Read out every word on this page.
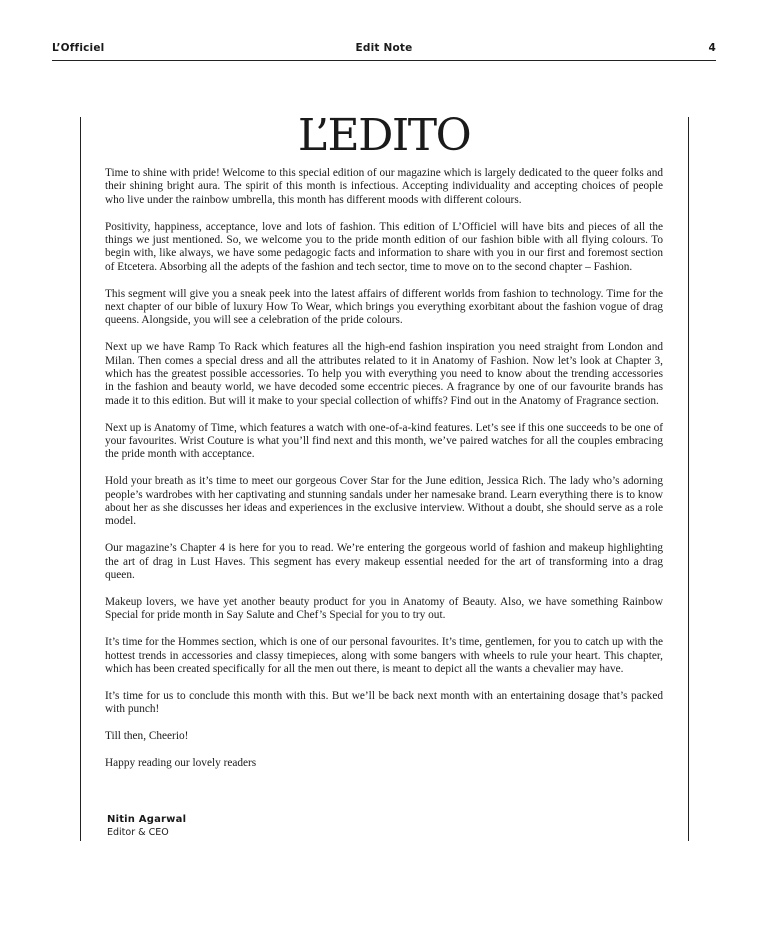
L’Officiel	Edit Note	4
L’EDITO

Time to shine with pride! Welcome to this special edition of our magazine which is largely dedicated to the queer folks and their shining bright aura. The spirit of this month is infectious. Accepting individuality and accepting choices of people who live under the rainbow umbrella, this month has different moods with different colours.

Positivity, happiness, acceptance, love and lots of fashion. This edition of L’Officiel will have bits and pieces of all the things we just mentioned. So, we welcome you to the pride month edition of our fashion bible with all flying colours. To begin with, like always, we have some pedagogic facts and information to share with you in our first and foremost section of Etcetera. Absorbing all the adepts of the fashion and tech sector, time to move on to the second chapter – Fashion.

This segment will give you a sneak peek into the latest affairs of different worlds from fashion to technology. Time for the next chapter of our bible of luxury How To Wear, which brings you everything exorbitant about the fashion vogue of drag queens. Alongside, you will see a celebration of the pride colours.

Next up we have Ramp To Rack which features all the high-end fashion inspiration you need straight from London and Milan. Then comes a special dress and all the attributes related to it in Anatomy of Fashion. Now let’s look at Chapter 3, which has the greatest possible accessories. To help you with everything you need to know about the trending accessories in the fashion and beauty world, we have decoded some eccentric pieces. A fragrance by one of our favourite brands has made it to this edition. But will it make to your special collection of whiffs? Find out in the Anatomy of Fragrance section.

Next up is Anatomy of Time, which features a watch with one-of-a-kind features. Let’s see if this one succeeds to be one of your favourites. Wrist Couture is what you’ll find next and this month, we’ve paired watches for all the couples embracing the pride month with acceptance.

Hold your breath as it’s time to meet our gorgeous Cover Star for the June edition, Jessica Rich. The lady who’s adorning people’s wardrobes with her captivating and stunning sandals under her namesake brand. Learn everything there is to know about her as she discusses her ideas and experiences in the exclusive interview. Without a doubt, she should serve as a role model.

Our magazine’s Chapter 4 is here for you to read. We’re entering the gorgeous world of fashion and makeup highlighting the art of drag in Lust Haves. This segment has every makeup essential needed for the art of transforming into a drag queen.

Makeup lovers, we have yet another beauty product for you in Anatomy of Beauty. Also, we have something Rainbow Special for pride month in Say Salute and Chef’s Special for you to try out.

It’s time for the Hommes section, which is one of our personal favourites. It’s time, gentlemen, for you to catch up with the hottest trends in accessories and classy timepieces, along with some bangers with wheels to rule your heart. This chapter, which has been created specifically for all the men out there, is meant to depict all the wants a chevalier may have.

It’s time for us to conclude this month with this. But we’ll be back next month with an entertaining dosage that’s packed with punch!

Till then, Cheerio!

Happy reading our lovely readers

Nitin Agarwal
Editor & CEO
